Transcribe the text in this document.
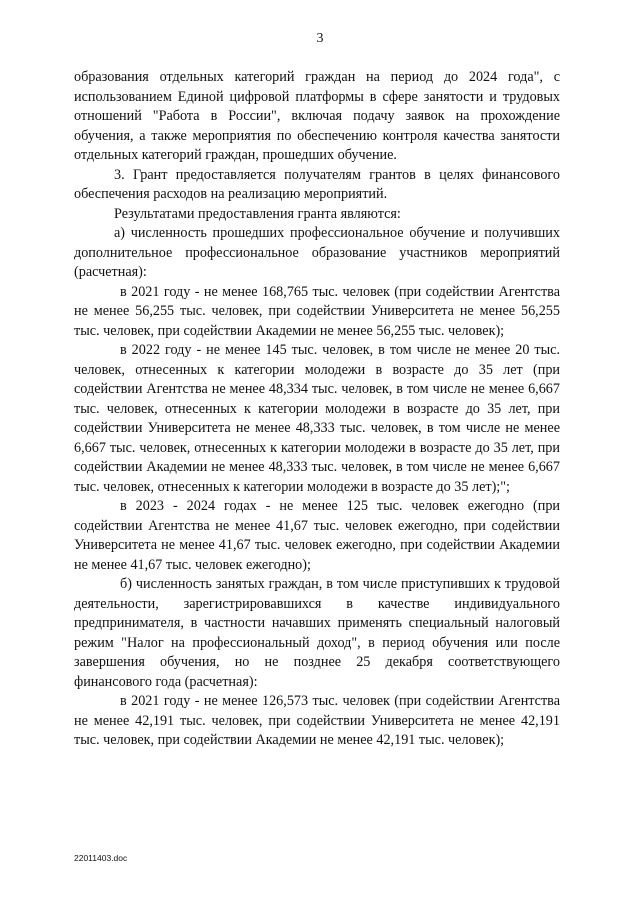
3

образования отдельных категорий граждан на период до 2024 года", с использованием Единой цифровой платформы в сфере занятости и трудовых отношений "Работа в России", включая подачу заявок на прохождение обучения, а также мероприятия по обеспечению контроля качества занятости отдельных категорий граждан, прошедших обучение.

3. Грант предоставляется получателям грантов в целях финансового обеспечения расходов на реализацию мероприятий.

Результатами предоставления гранта являются:

а) численность прошедших профессиональное обучение и получивших дополнительное профессиональное образование участников мероприятий (расчетная):

в 2021 году - не менее 168,765 тыс. человек (при содействии Агентства не менее 56,255 тыс. человек, при содействии Университета не менее 56,255 тыс. человек, при содействии Академии не менее 56,255 тыс. человек);

в 2022 году - не менее 145 тыс. человек, в том числе не менее 20 тыс. человек, отнесенных к категории молодежи в возрасте до 35 лет (при содействии Агентства не менее 48,334 тыс. человек, в том числе не менее 6,667 тыс. человек, отнесенных к категории молодежи в возрасте до 35 лет, при содействии Университета не менее 48,333 тыс. человек, в том числе не менее 6,667 тыс. человек, отнесенных к категории молодежи в возрасте до 35 лет, при содействии Академии не менее 48,333 тыс. человек, в том числе не менее 6,667 тыс. человек, отнесенных к категории молодежи в возрасте до 35 лет);";

в 2023 - 2024 годах - не менее 125 тыс. человек ежегодно (при содействии Агентства не менее 41,67 тыс. человек ежегодно, при содействии Университета не менее 41,67 тыс. человек ежегодно, при содействии Академии не менее 41,67 тыс. человек ежегодно);

б) численность занятых граждан, в том числе приступивших к трудовой деятельности, зарегистрировавшихся в качестве индивидуального предпринимателя, в частности начавших применять специальный налоговый режим "Налог на профессиональный доход", в период обучения или после завершения обучения, но не позднее 25 декабря соответствующего финансового года (расчетная):

в 2021 году - не менее 126,573 тыс. человек (при содействии Агентства не менее 42,191 тыс. человек, при содействии Университета не менее 42,191 тыс. человек, при содействии Академии не менее 42,191 тыс. человек);

22011403.doc
